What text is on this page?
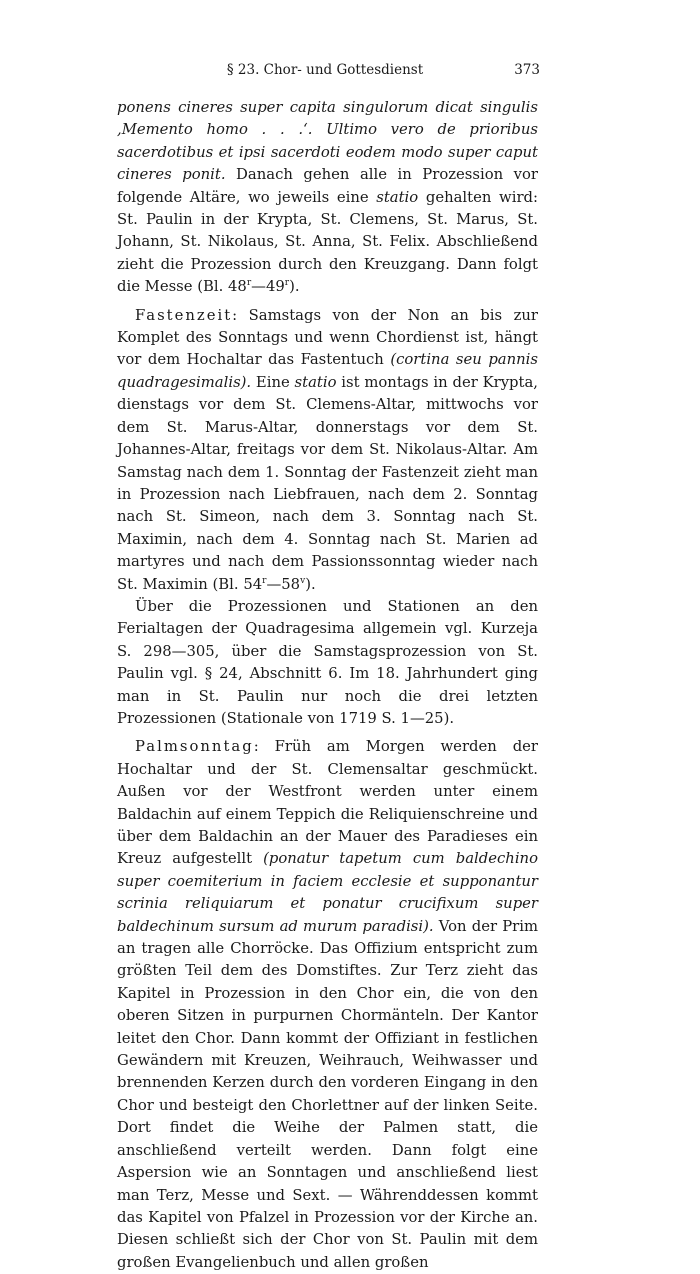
§ 23. Chor- und Gottesdienst	373

ponens cineres super capita singulorum dicat singulis ,Memento homo . . .‘. Ultimo vero de prioribus sacerdotibus et ipsi sacerdoti eodem modo super caput cineres ponit. Danach gehen alle in Prozession vor folgende Altäre, wo jeweils eine statio gehalten wird: St. Paulin in der Krypta, St. Clemens, St. Marus, St. Johann, St. Nikolaus, St. Anna, St. Felix. Abschließend zieht die Prozession durch den Kreuzgang. Dann folgt die Messe (Bl. 48$^r$—49$^r$).

Fastenzeit: Samstags von der Non an bis zur Komplet des Sonntags und wenn Chordienst ist, hängt vor dem Hochaltar das Fastentuch (cortina seu pannis quadragesimalis). Eine statio ist montags in der Krypta, dienstags vor dem St. Clemens-Altar, mittwochs vor dem St. Marus-Altar, donnerstags vor dem St. Johannes-Altar, freitags vor dem St. Nikolaus-Altar. Am Samstag nach dem 1. Sonntag der Fastenzeit zieht man in Prozession nach Liebfrauen, nach dem 2. Sonntag nach St. Simeon, nach dem 3. Sonntag nach St. Maximin, nach dem 4. Sonntag nach St. Marien ad martyres und nach dem Passionssonntag wieder nach St. Maximin (Bl. 54$^r$—58$^v$).

Über die Prozessionen und Stationen an den Ferialtagen der Quadragesima allgemein vgl. Kurzeja S. 298—305, über die Samstagsprozession von St. Paulin vgl. § 24, Abschnitt 6. Im 18. Jahrhundert ging man in St. Paulin nur noch die drei letzten Prozessionen (Stationale von 1719 S. 1—25).

Palmsonntag: Früh am Morgen werden der Hochaltar und der St. Clemensaltar geschmückt. Außen vor der Westfront werden unter einem Baldachin auf einem Teppich die Reliquienschreine und über dem Baldachin an der Mauer des Paradieses ein Kreuz aufgestellt (ponatur tapetum cum baldechino super coemiterium in faciem ecclesie et supponantur scrinia reliquiarum et ponatur crucifixum super baldechinum sursum ad murum paradisi). Von der Prim an tragen alle Chorröcke. Das Offizium entspricht zum größten Teil dem des Domstiftes. Zur Terz zieht das Kapitel in Prozession in den Chor ein, die von den oberen Sitzen in purpurnen Chormänteln. Der Kantor leitet den Chor. Dann kommt der Offiziant in festlichen Gewändern mit Kreuzen, Weihrauch, Weihwasser und brennenden Kerzen durch den vorderen Eingang in den Chor und besteigt den Chorlettner auf der linken Seite. Dort findet die Weihe der Palmen statt, die anschließend verteilt werden. Dann folgt eine Aspersion wie an Sonntagen und anschließend liest man Terz, Messe und Sext. — Währenddessen kommt das Kapitel von Pfalzel in Prozession vor der Kirche an. Diesen schließt sich der Chor von St. Paulin mit dem großen Evangelienbuch und allen großen
